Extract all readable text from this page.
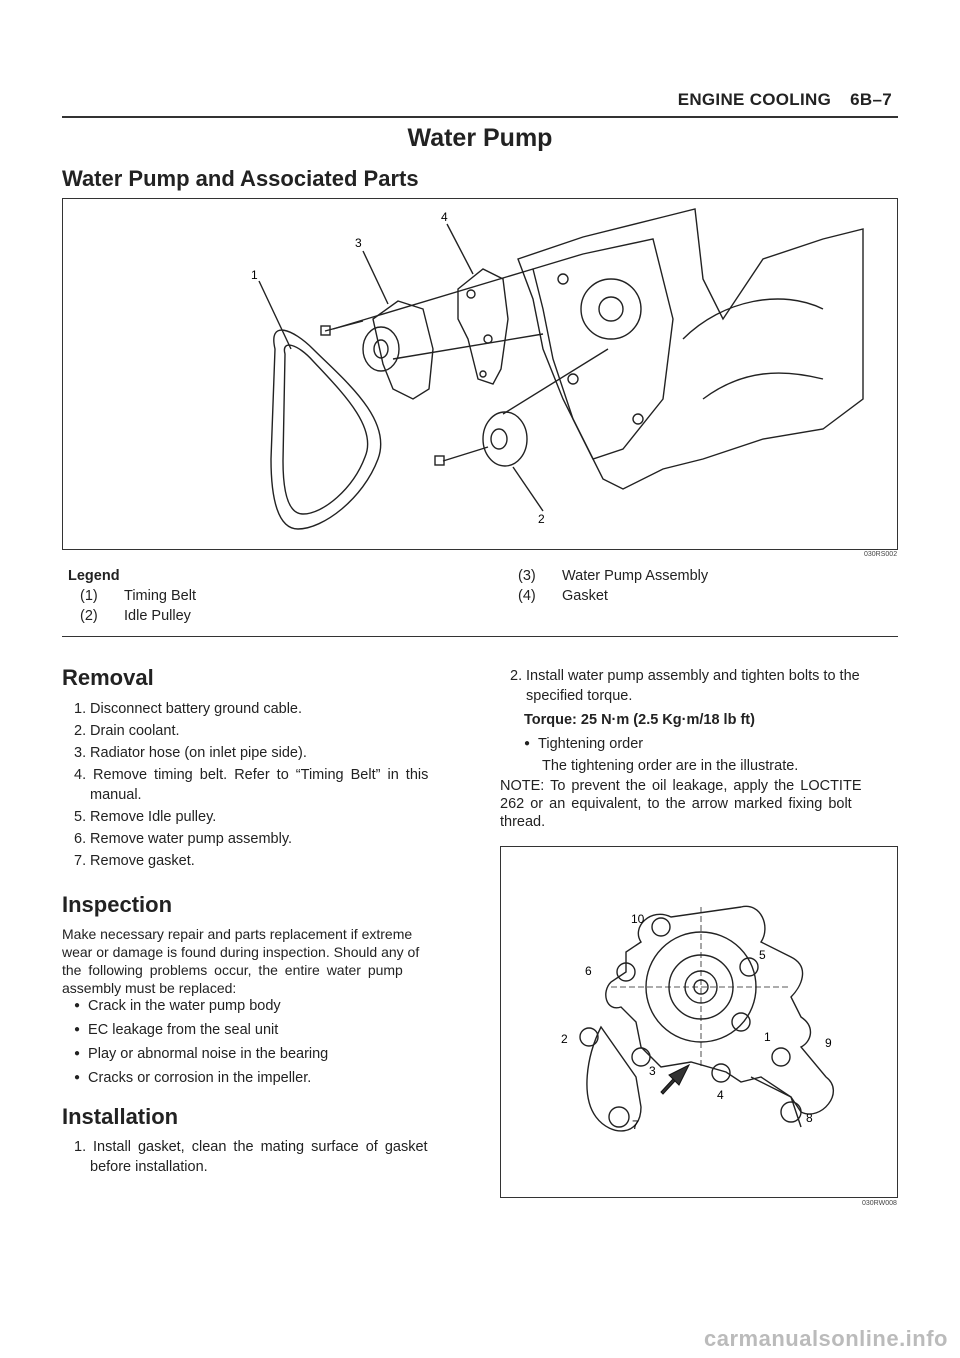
ENGINE COOLING 6B–7
Water Pump
Water Pump and Associated Parts
1
2
3
4
030RS002
Legend
(1) Timing Belt
(2) Idle Pulley
(3) Water Pump Assembly
(4) Gasket
Removal
1. Disconnect battery ground cable.
2. Drain coolant.
3. Radiator hose (on inlet pipe side).
4. Remove timing belt. Refer to “Timing Belt” in this
manual.
5. Remove Idle pulley.
6. Remove water pump assembly.
7. Remove gasket.
Inspection
Make necessary repair and parts replacement if extreme
wear or damage is found during inspection. Should any of
the following problems occur, the entire water pump
assembly must be replaced:
● Crack in the water pump body
● EC leakage from the seal unit
● Play or abnormal noise in the bearing
● Cracks or corrosion in the impeller.
Installation
1. Install gasket, clean the mating surface of gasket
before installation.
2. Install water pump assembly and tighten bolts to the
specified torque.
Torque: 25 N·m (2.5 Kg·m/18 lb ft)
● Tightening order
The tightening order are in the illustrate.
NOTE: To prevent the oil leakage, apply the LOCTITE
262 or an equivalent, to the arrow marked fixing bolt
thread.
10
5
6
1
2	9
3
4
7	8
030RW008
carmanualsonline.info
